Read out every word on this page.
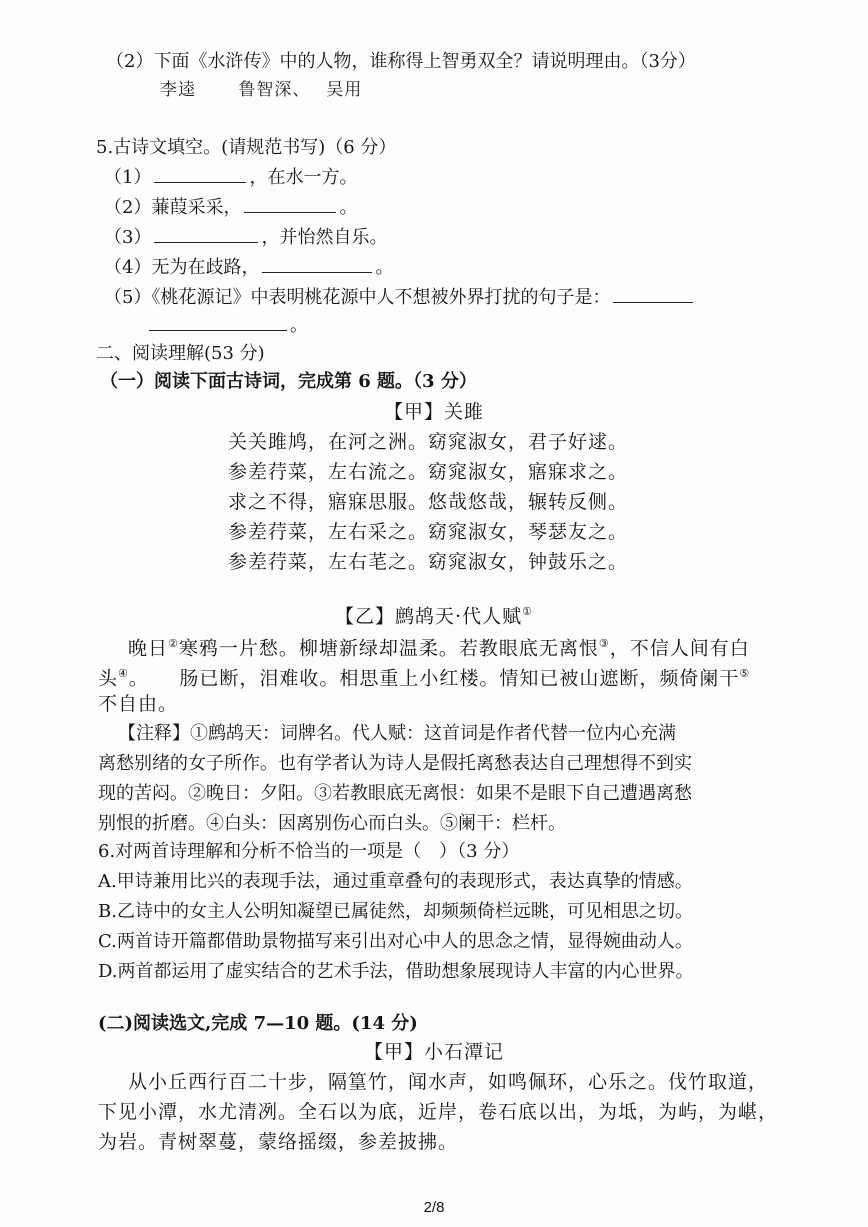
（2）下面《水浒传》中的人物，谁称得上智勇双全？请说明理由。（3分）
李逵　　 鲁智深、　 吴用
5.古诗文填空。(请规范书写)（6 分）
（1）	，在水一方。
（2）蒹葭采采，	。
（3）	，并怡然自乐。
（4）无为在歧路，	。
（5）《桃花源记》中表明桃花源中人不想被外界打扰的句子是：
。
二、阅读理解(53 分)
（一）阅读下面古诗词，完成第 6 题。（3 分）
【甲】关雎
关关雎鸠，在河之洲。窈窕淑女，君子好逑。
参差荇菜，左右流之。窈窕淑女，寤寐求之。
求之不得，寤寐思服。悠哉悠哉，辗转反侧。
参差荇菜，左右采之。窈窕淑女，琴瑟友之。
参差荇菜，左右芼之。窈窕淑女，钟鼓乐之。
【乙】鹧鸪天·代人赋①
晚日②寒鸦一片愁。柳塘新绿却温柔。若教眼底无离恨③，不信人间有白
头④。　　肠已断，泪难收。相思重上小红楼。情知已被山遮断，频倚阑干⑤
不自由。
【注释】①鹧鸪天：词牌名。代人赋：这首词是作者代替一位内心充满
离愁别绪的女子所作。也有学者认为诗人是假托离愁表达自己理想得不到实
现的苦闷。②晚日：夕阳。③若教眼底无离恨：如果不是眼下自己遭遇离愁
别恨的折磨。④白头：因离别伤心而白头。⑤阑干：栏杆。
6.对两首诗理解和分析不恰当的一项是（　）（3 分）
A.甲诗兼用比兴的表现手法，通过重章叠句的表现形式，表达真挚的情感。
B.乙诗中的女主人公明知凝望已属徒然，却频频倚栏远眺，可见相思之切。
C.两首诗开篇都借助景物描写来引出对心中人的思念之情，显得婉曲动人。
D.两首都运用了虚实结合的艺术手法，借助想象展现诗人丰富的内心世界。
(二)阅读选文,完成 7—10 题。(14 分)
【甲】小石潭记
从小丘西行百二十步，隔篁竹，闻水声，如鸣佩环，心乐之。伐竹取道，
下见小潭，水尤清冽。全石以为底，近岸，卷石底以出，为坻，为屿，为嵁，
为岩。青树翠蔓，蒙络摇缀，参差披拂。
2/8
